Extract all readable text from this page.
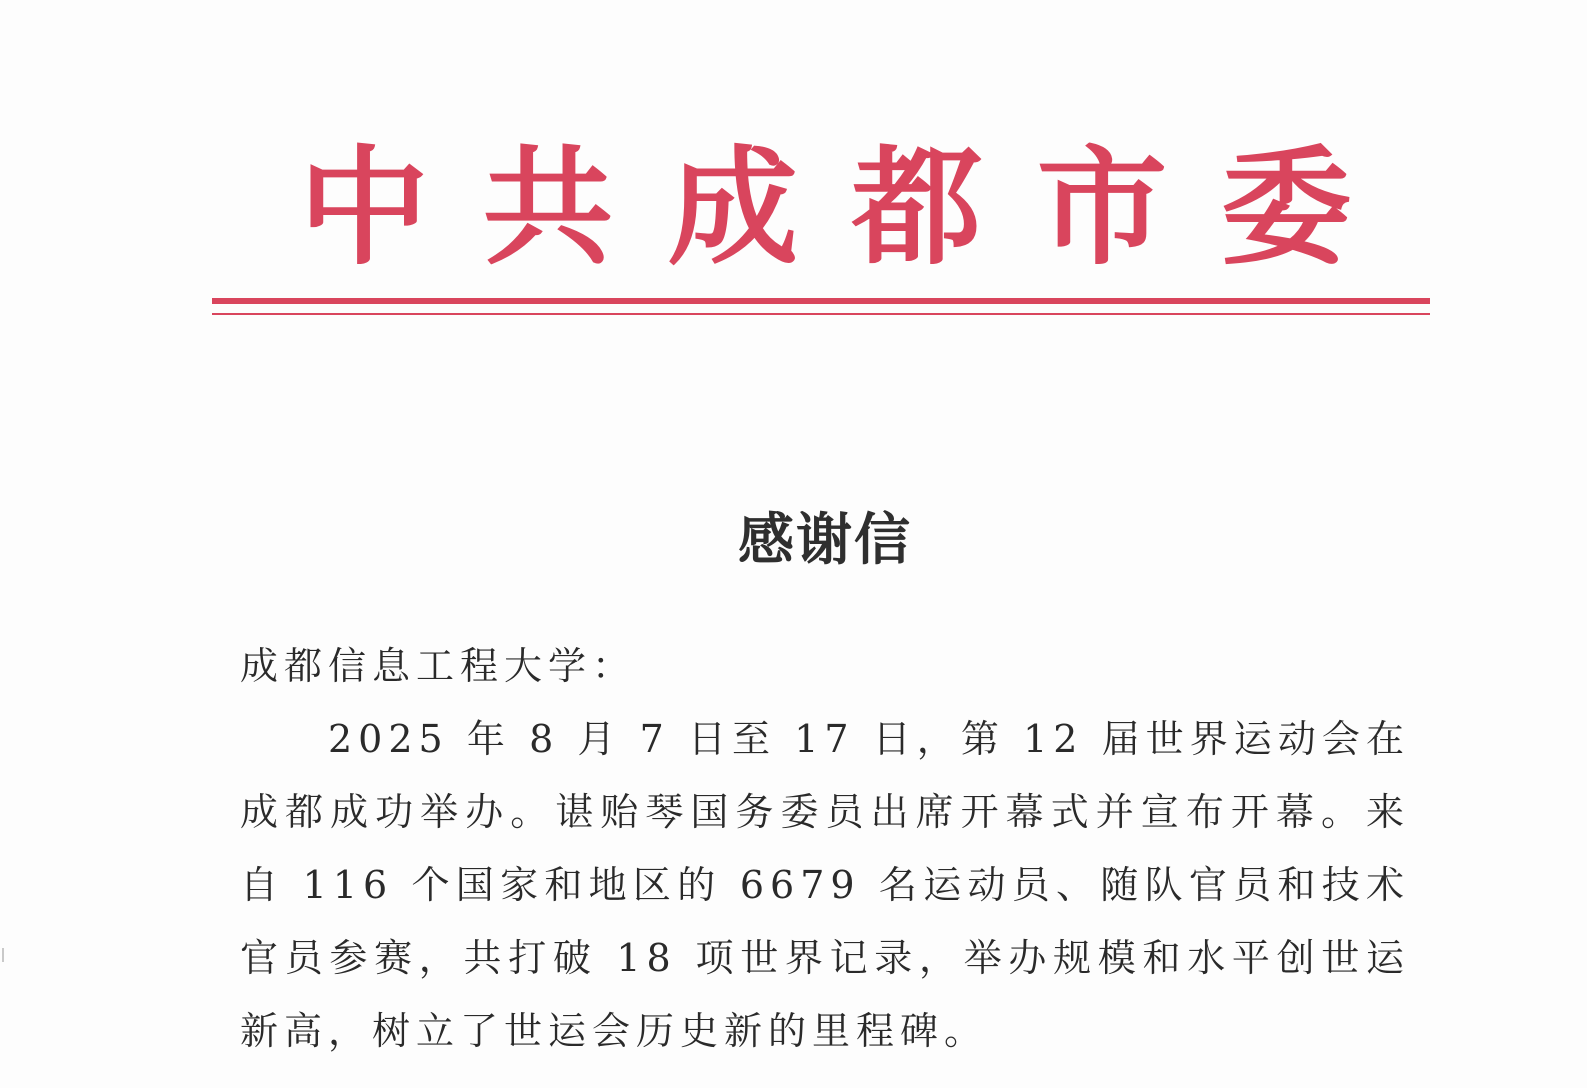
中 共 成 都 市 委
感谢信

成都信息工程大学：

2025 年 8 月 7 日至 17 日，第 12 届世界运动会在成都成功举办。谌贻琴国务委员出席开幕式并宣布开幕。来自 116 个国家和地区的 6679 名运动员、随队官员和技术官员参赛，共打破 18 项世界记录，举办规模和水平创世运新高，树立了世运会历史新的里程碑。
